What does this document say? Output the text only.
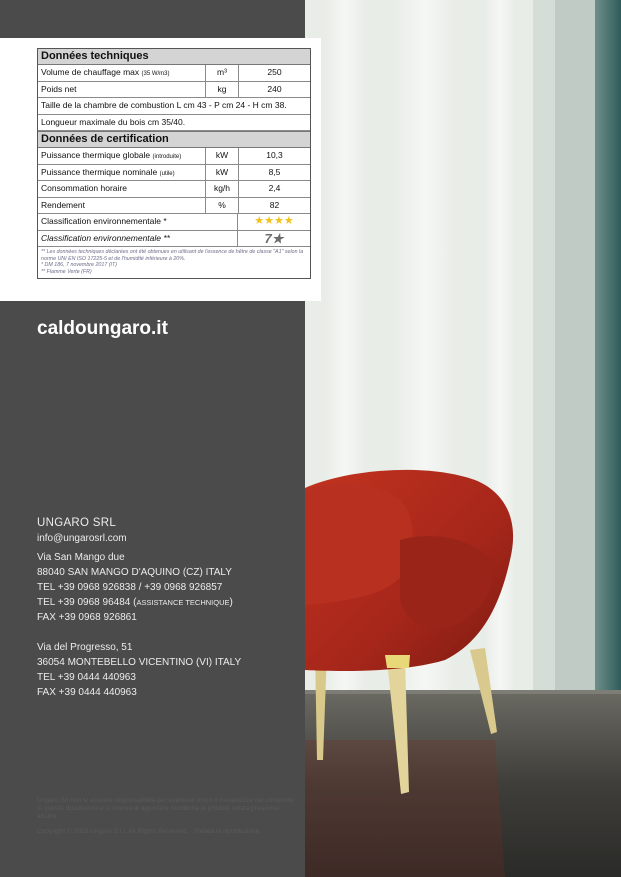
Données techniques
Volume de chauffage max (35 W/m3)	m³	250
Poids net	kg	240
Taille de la chambre de combustion L cm 43 - P cm 24 - H cm 38.
Longueur maximale du bois cm 35/40.
Données de certification
Puissance thermique globale (introduite)	kW	10,3
Puissance thermique nominale (utile)	kW	8,5
Consommation horaire	kg/h	2,4
Rendement	%	82
Classification environnementale *	★★★★
Classification environnementale **	7★
** Les données techniques déclarées ont été obtenues en utilisant de l'essence de hêtre de classe "A1" selon la norme UNI EN ISO 17225-5 et de l'humidité inférieure à 20%.
* DM 186, 7 novembre 2017 (IT)
** Flamme Verte (FR)
caldoungaro.it
UNGARO SRL
info@ungarosrl.com
Via San Mango due
88040 SAN MANGO D'AQUINO (CZ) ITALY
TEL +39 0968 926838 / +39 0968 926857
TEL +39 0968 96484 (ASSISTANCE TECHNIQUE)
FAX +39 0968 926861
Via del Progresso, 51
36054 MONTEBELLO VICENTINO (VI) ITALY
TEL +39 0444 440963
FAX +39 0444 440963
Ungaro Srl non si assume responsabilità per eventuali errori o inesattezze nel contenuto di questo documento e si riserva di apportare modifiche ai prodotti senza preavviso alcuno.
Copyright © 2022 Ungaro S.r.l. All Rights Reserved. - Vietata la riproduzione
